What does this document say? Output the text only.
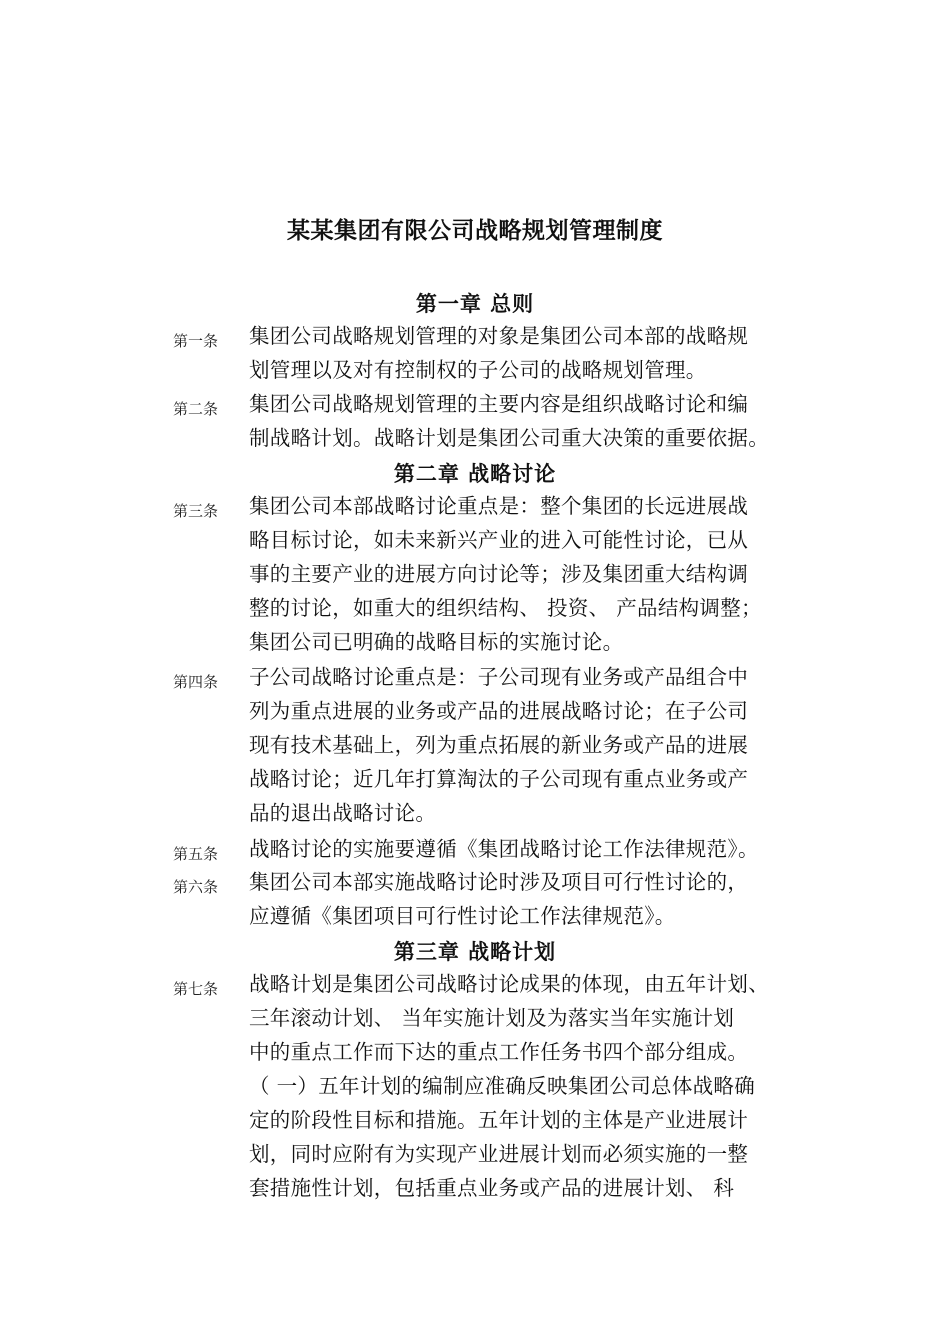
某某集团有限公司战略规划管理制度
第一章 总则
第一条 集团公司战略规划管理的对象是集团公司本部的战略规
划管理以及对有控制权的子公司的战略规划管理。
第二条 集团公司战略规划管理的主要内容是组织战略讨论和编
制战略计划。战略计划是集团公司重大决策的重要依据。
第二章 战略讨论
第三条 集团公司本部战略讨论重点是：整个集团的长远进展战
略目标讨论，如未来新兴产业的进入可能性讨论，已从
事的主要产业的进展方向讨论等；涉及集团重大结构调
整的讨论，如重大的组织结构、 投资、 产品结构调整；
集团公司已明确的战略目标的实施讨论。
第四条 子公司战略讨论重点是：子公司现有业务或产品组合中
列为重点进展的业务或产品的进展战略讨论；在子公司
现有技术基础上，列为重点拓展的新业务或产品的进展
战略讨论；近几年打算淘汰的子公司现有重点业务或产
品的退出战略讨论。
第五条 战略讨论的实施要遵循《集团战略讨论工作法律规范》。
第六条 集团公司本部实施战略讨论时涉及项目可行性讨论的，
应遵循《集团项目可行性讨论工作法律规范》。
第三章 战略计划
第七条 战略计划是集团公司战略讨论成果的体现，由五年计划、
三年滚动计划、 当年实施计划及为落实当年实施计划
中的重点工作而下达的重点工作任务书四个部分组成。
（ 一）五年计划的编制应准确反映集团公司总体战略确
定的阶段性目标和措施。五年计划的主体是产业进展计
划，同时应附有为实现产业进展计划而必须实施的一整
套措施性计划，包括重点业务或产品的进展计划、 科
